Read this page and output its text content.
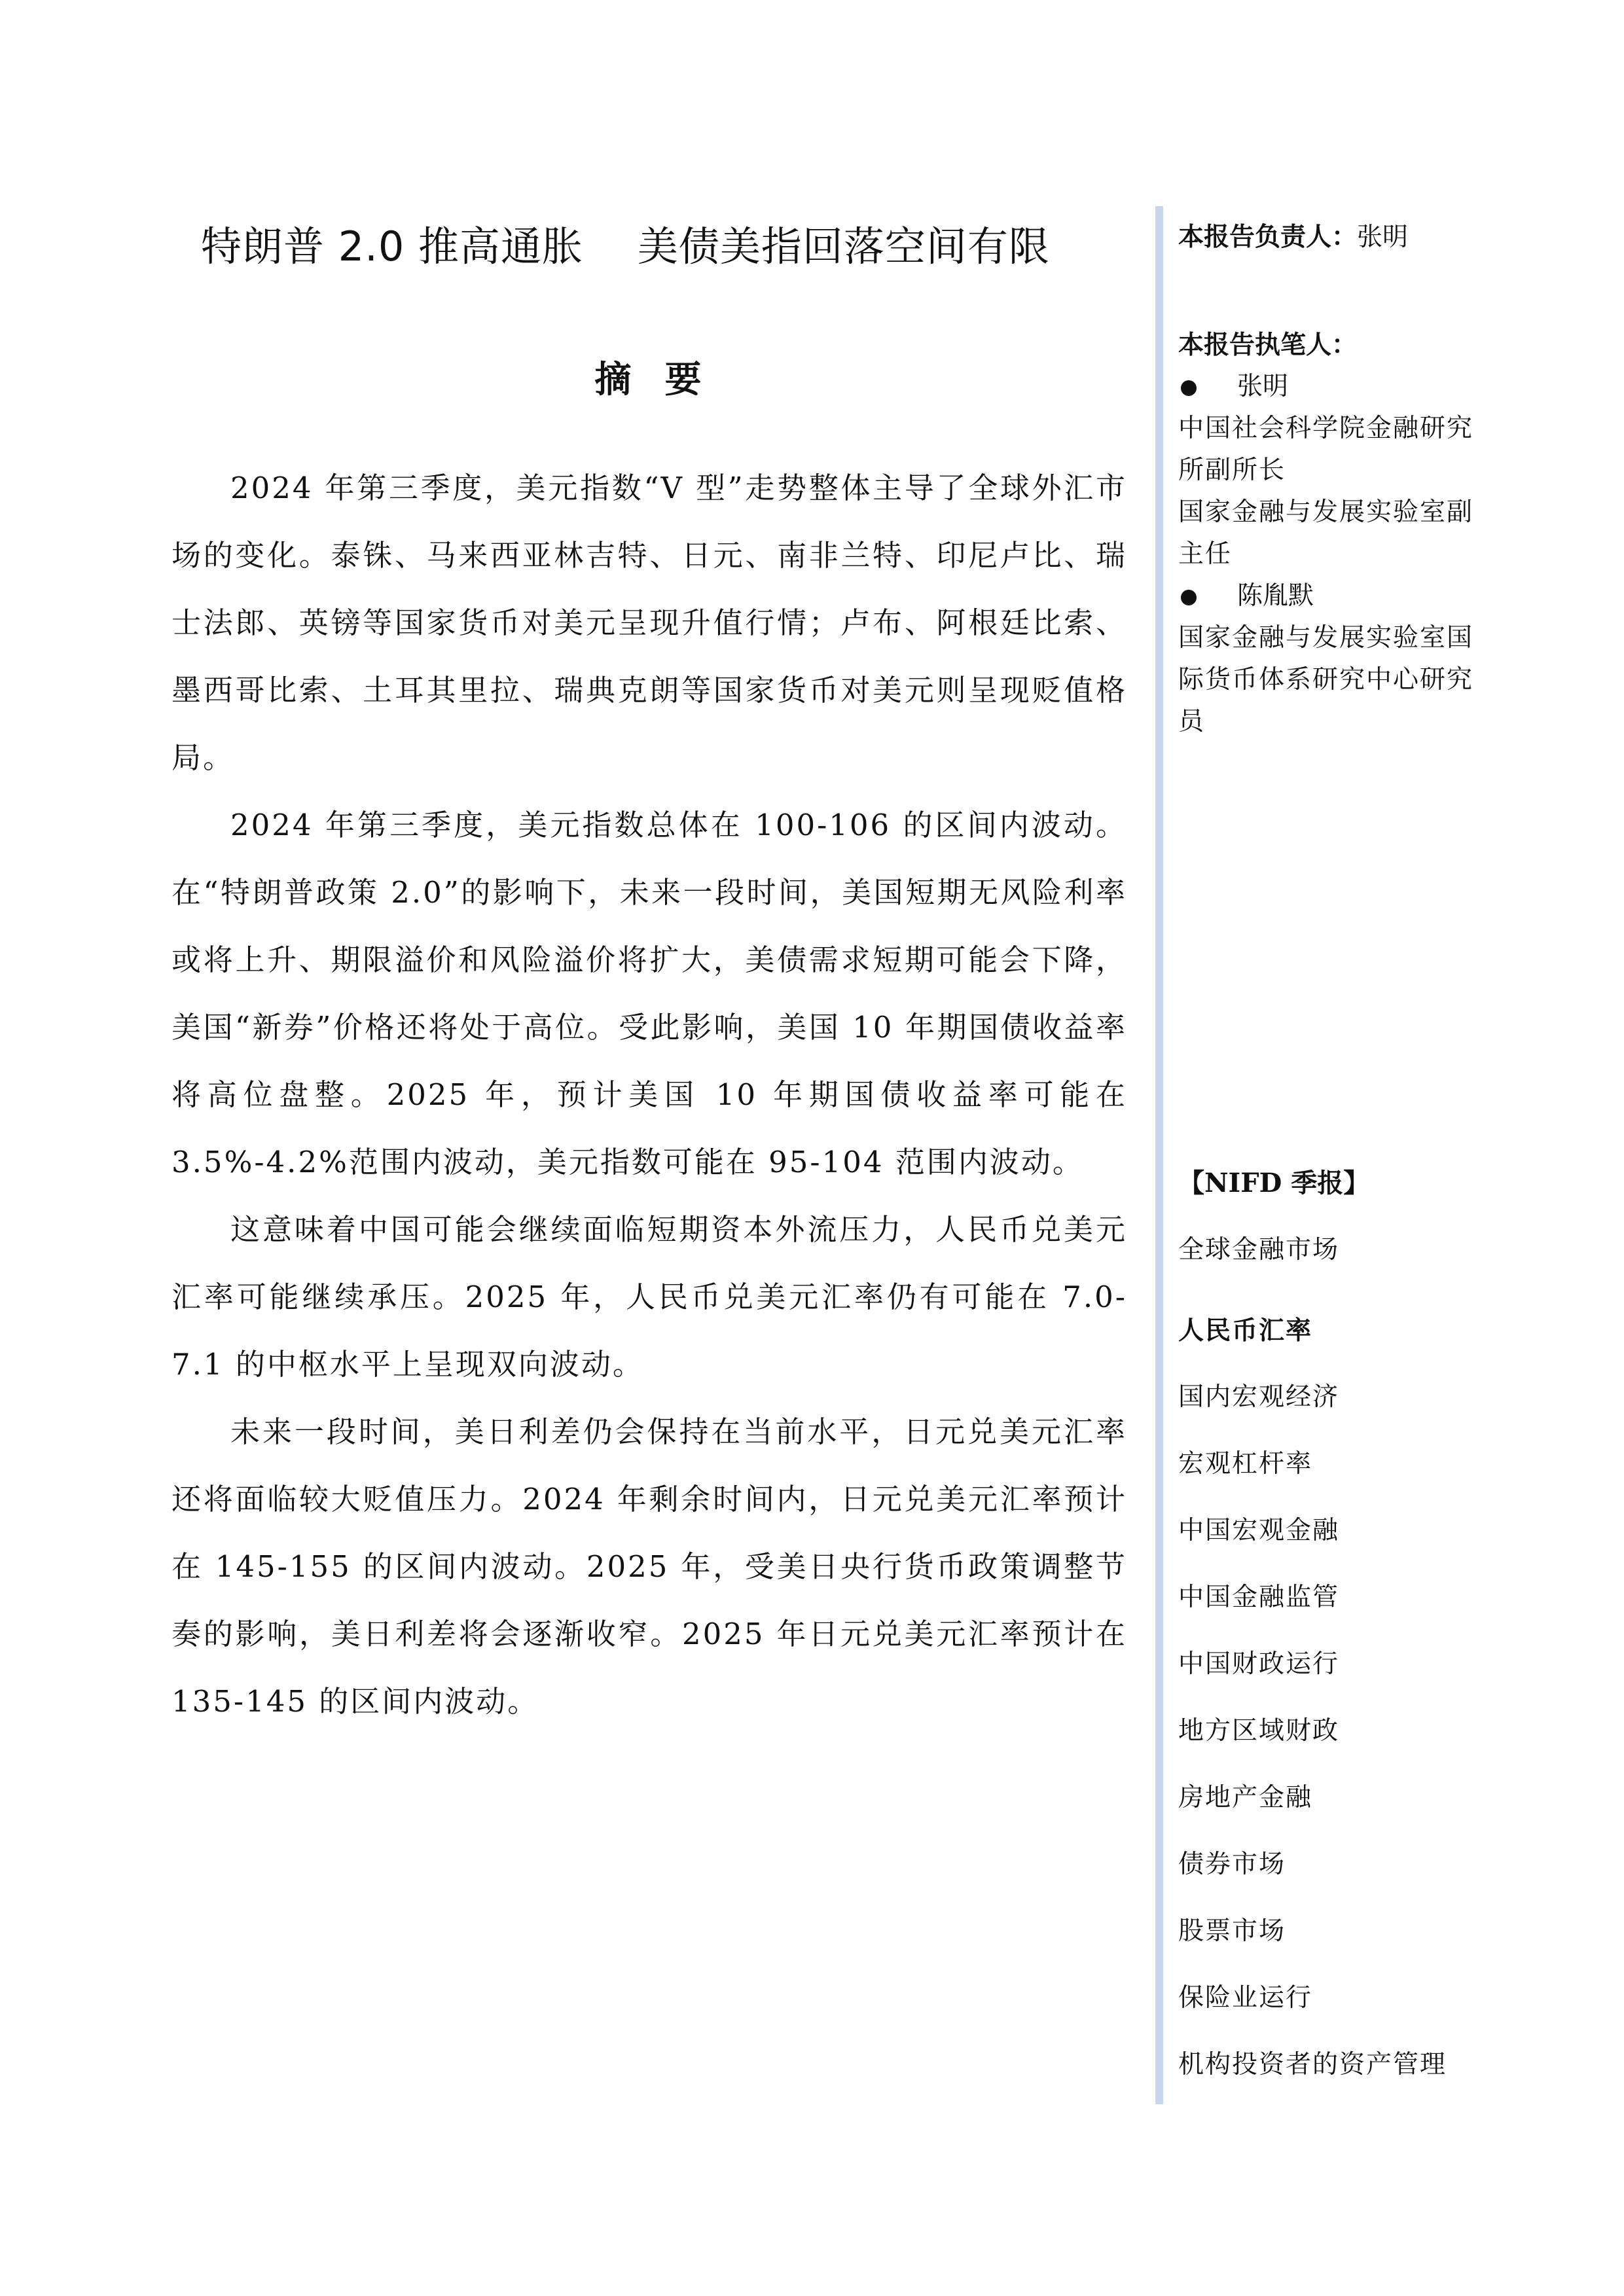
特朗普 2.0 推高通胀    美债美指回落空间有限
摘  要

2024 年第三季度，美元指数“V 型”走势整体主导了全球外汇市场的变化。泰铢、马来西亚林吉特、日元、南非兰特、印尼卢比、瑞士法郎、英镑等国家货币对美元呈现升值行情；卢布、阿根廷比索、墨西哥比索、土耳其里拉、瑞典克朗等国家货币对美元则呈现贬值格局。

2024 年第三季度，美元指数总体在 100-106 的区间内波动。在“特朗普政策 2.0”的影响下，未来一段时间，美国短期无风险利率或将上升、期限溢价和风险溢价将扩大，美债需求短期可能会下降，美国“新券”价格还将处于高位。受此影响，美国 10 年期国债收益率将高位盘整。2025 年，预计美国 10 年期国债收益率可能在 3.5%-4.2%范围内波动，美元指数可能在 95-104 范围内波动。

这意味着中国可能会继续面临短期资本外流压力，人民币兑美元汇率可能继续承压。2025 年，人民币兑美元汇率仍有可能在 7.0-7.1 的中枢水平上呈现双向波动。

未来一段时间，美日利差仍会保持在当前水平，日元兑美元汇率还将面临较大贬值压力。2024 年剩余时间内，日元兑美元汇率预计在 145-155 的区间内波动。2025 年，受美日央行货币政策调整节奏的影响，美日利差将会逐渐收窄。2025 年日元兑美元汇率预计在 135-145 的区间内波动。

本报告负责人：张明
本报告执笔人：
张明
中国社会科学院金融研究
所副所长
国家金融与发展实验室副
主任
陈胤默
国家金融与发展实验室国
际货币体系研究中心研究
员
【NIFD 季报】
全球金融市场
人民币汇率
国内宏观经济
宏观杠杆率
中国宏观金融
中国金融监管
中国财政运行
地方区域财政
房地产金融
债券市场
股票市场
保险业运行
机构投资者的资产管理
